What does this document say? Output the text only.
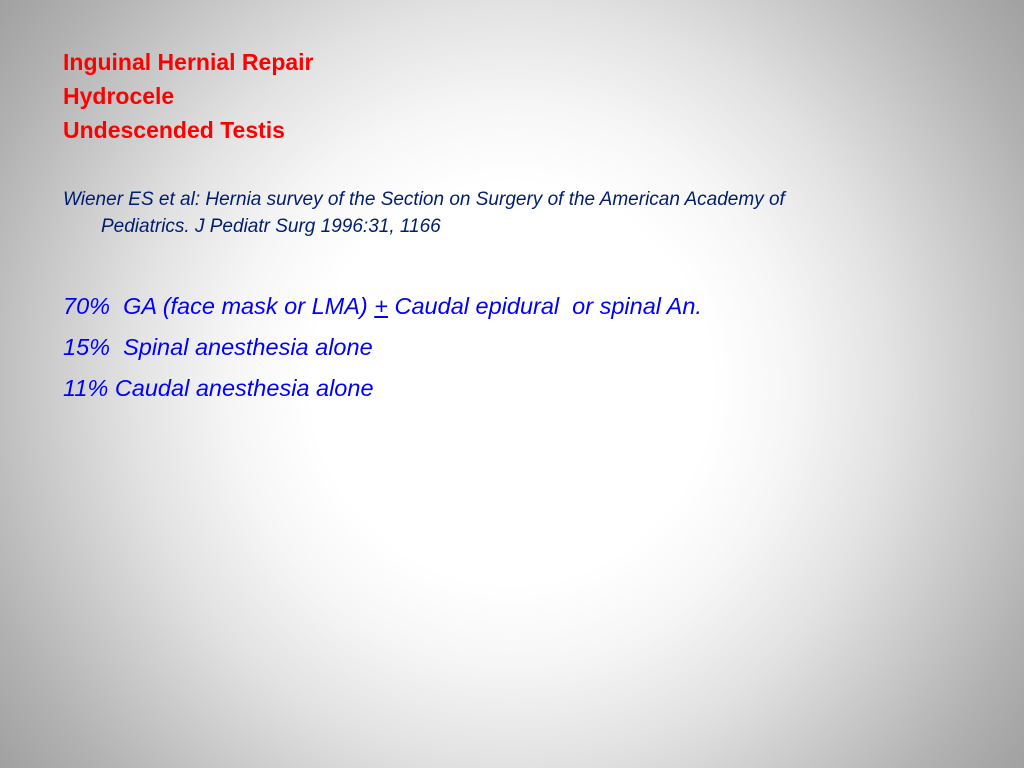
Inguinal Hernial Repair
Hydrocele
Undescended Testis

Wiener ES et al: Hernia survey of the Section on Surgery of the American Academy of
Pediatrics. J Pediatr Surg 1996:31, 1166

70%  GA (face mask or LMA) + Caudal epidural  or spinal An.
15%  Spinal anesthesia alone
11% Caudal anesthesia alone
